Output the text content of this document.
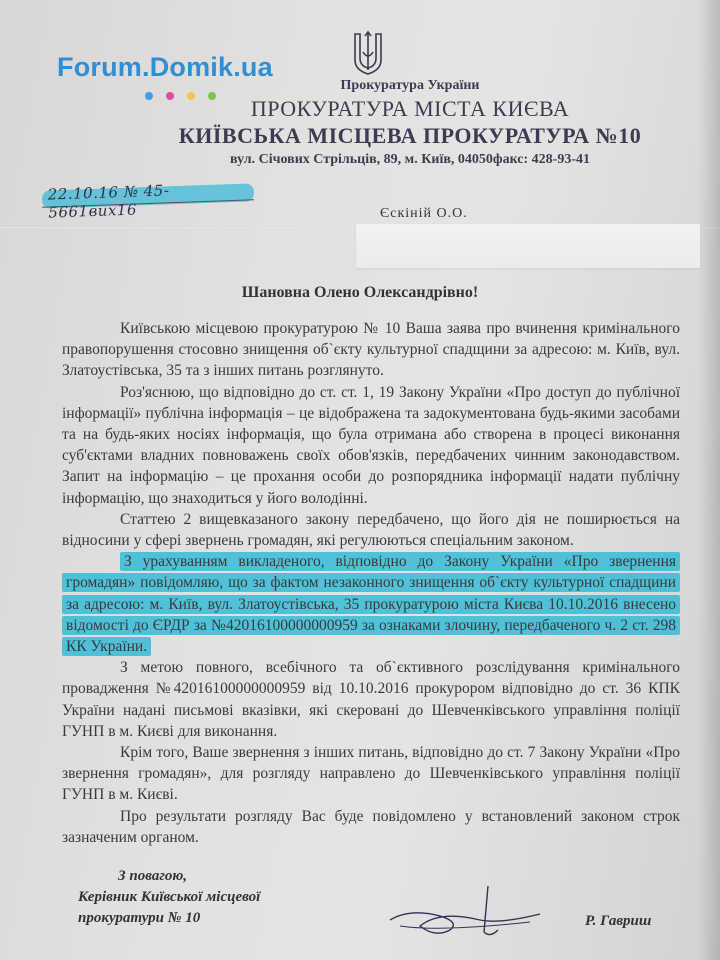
Forum.Domik.ua
Прокуратура України
ПРОКУРАТУРА МІСТА КИЄВА
КИЇВСЬКА МІСЦЕВА ПРОКУРАТУРА №10
вул. Січових Стрільців, 89, м. Київ, 04050факс: 428-93-41
22.10.16 № 45-5661вих16	Єскіній О.О.
Шановна Олено Олександрівно!

Київською місцевою прокуратурою № 10 Ваша заява про вчинення кримінального правопорушення стосовно знищення об`єкту культурної спадщини за адресою: м. Київ, вул. Златоустівська, 35 та з інших питань розглянуто.

Роз'яснюю, що відповідно до ст. ст. 1, 19 Закону України «Про доступ до публічної інформації» публічна інформація – це відображена та задокументована будь-якими засобами та на будь-яких носіях інформація, що була отримана або створена в процесі виконання суб'єктами владних повноважень своїх обов'язків, передбачених чинним законодавством. Запит на інформацію – це прохання особи до розпорядника інформації надати публічну інформацію, що знаходиться у його володінні.

Статтею 2 вищевказаного закону передбачено, що його дія не поширюється на відносини у сфері звернень громадян, які регулюються спеціальним законом.

З урахуванням викладеного, відповідно до Закону України «Про звернення громадян» повідомляю, що за фактом незаконного знищення об`єкту культурної спадщини за адресою: м. Київ, вул. Златоустівська, 35 прокуратурою міста Києва 10.10.2016 внесено відомості до ЄРДР за №42016100000000959 за ознаками злочину, передбаченого ч. 2 ст. 298 КК України.

З метою повного, всебічного та об`єктивного розслідування кримінального провадження №42016100000000959 від 10.10.2016 прокурором відповідно до ст. 36 КПК України надані письмові вказівки, які скеровані до Шевченківського управління поліції ГУНП в м. Києві для виконання.

Крім того, Ваше звернення з інших питань, відповідно до ст. 7 Закону України «Про звернення громадян», для розгляду направлено до Шевченківського управління поліції ГУНП в м. Києві.

Про результати розгляду Вас буде повідомлено у встановлений законом строк зазначеним органом.

З повагою,
Керівник Київської місцевої
прокуратури № 10	Р. Гавриш
